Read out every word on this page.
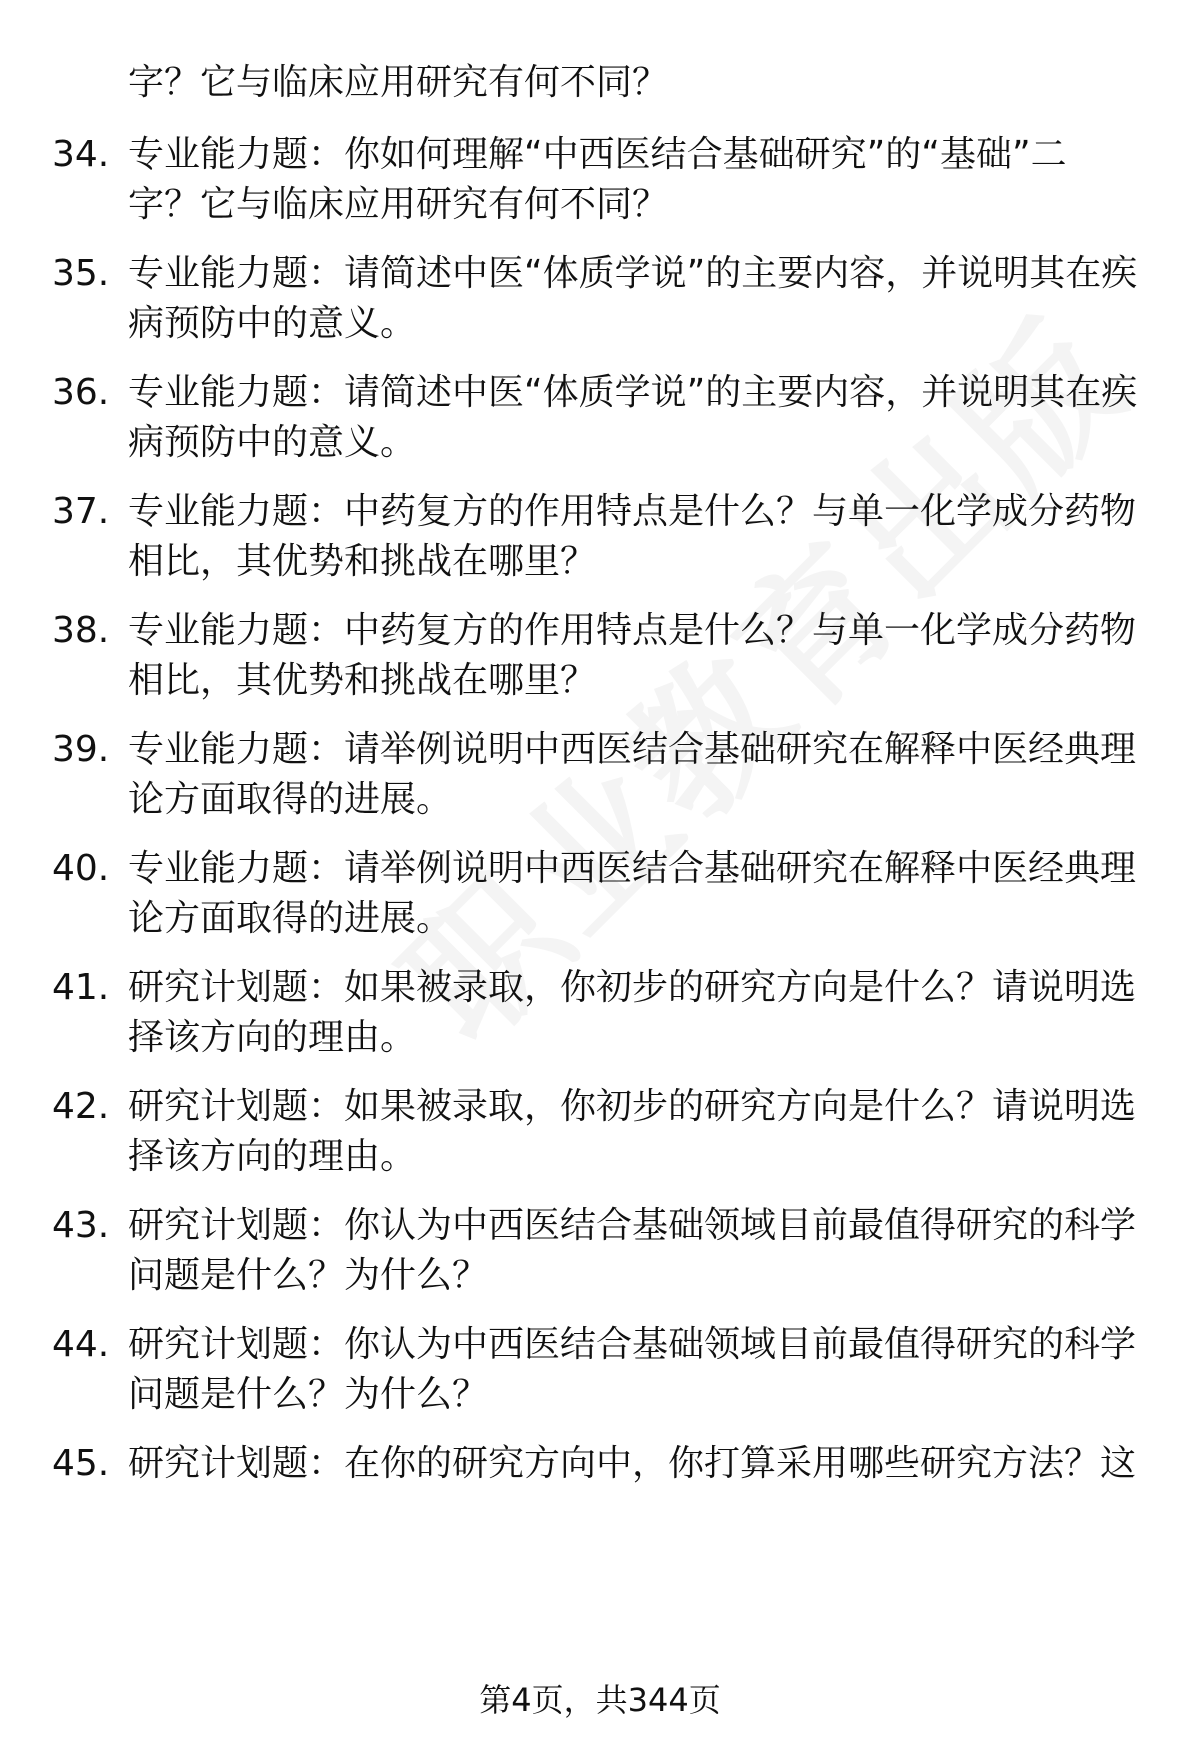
字？它与临床应用研究有何不同？
34. 专业能力题：你如何理解“中西医结合基础研究”的“基础”二字？它与临床应用研究有何不同？
35. 专业能力题：请简述中医“体质学说”的主要内容，并说明其在疾病预防中的意义。
36. 专业能力题：请简述中医“体质学说”的主要内容，并说明其在疾病预防中的意义。
37. 专业能力题：中药复方的作用特点是什么？与单一化学成分药物相比，其优势和挑战在哪里？
38. 专业能力题：中药复方的作用特点是什么？与单一化学成分药物相比，其优势和挑战在哪里？
39. 专业能力题：请举例说明中西医结合基础研究在解释中医经典理论方面取得的进展。
40. 专业能力题：请举例说明中西医结合基础研究在解释中医经典理论方面取得的进展。
41. 研究计划题：如果被录取，你初步的研究方向是什么？请说明选择该方向的理由。
42. 研究计划题：如果被录取，你初步的研究方向是什么？请说明选择该方向的理由。
43. 研究计划题：你认为中西医结合基础领域目前最值得研究的科学问题是什么？为什么？
44. 研究计划题：你认为中西医结合基础领域目前最值得研究的科学问题是什么？为什么？
45. 研究计划题：在你的研究方向中，你打算采用哪些研究方法？这
第4页，共344页
